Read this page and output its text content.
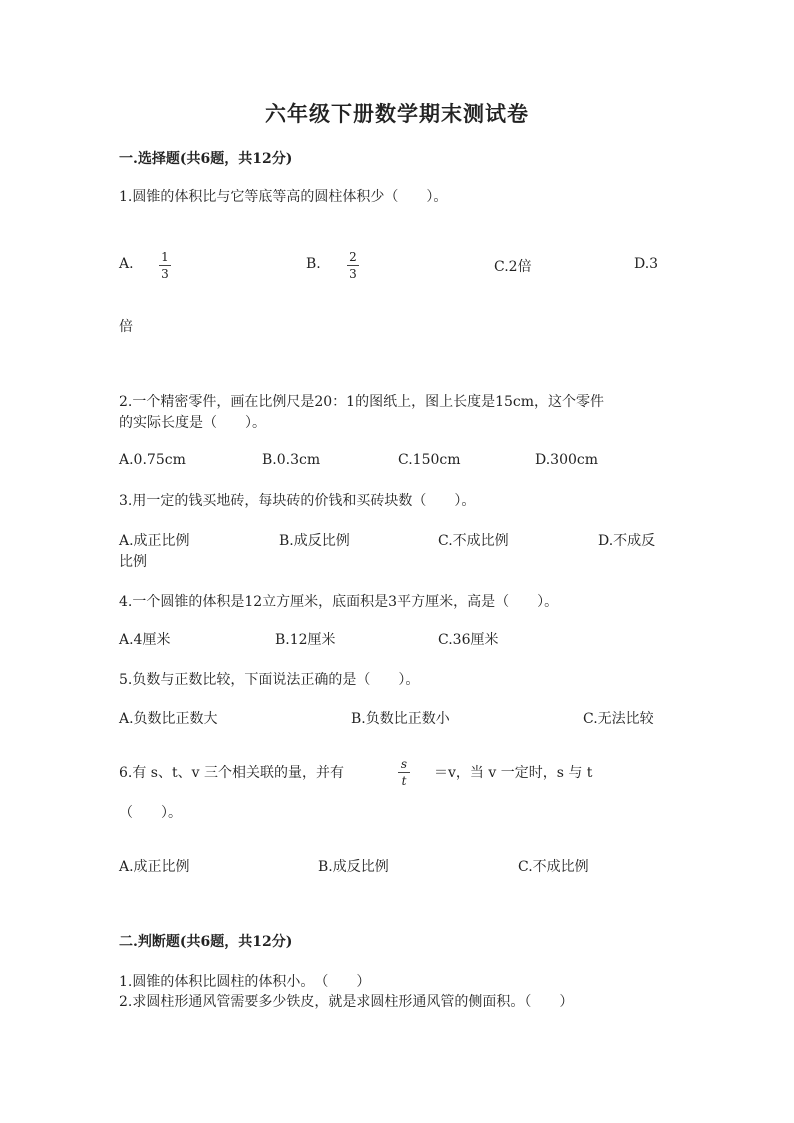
六年级下册数学期末测试卷
一.选择题(共6题，共12分)
1.圆锥的体积比与它等底等高的圆柱体积少（　　）。
A. 1
3
B. 2
3	C.2倍	D.3
倍
2.一个精密零件，画在比例尺是20：1的图纸上，图上长度是15cm，这个零件
的实际长度是（　　）。
A.0.75cm	B.0.3cm	C.150cm	D.300cm
3.用一定的钱买地砖，每块砖的价钱和买砖块数（　　）。
A.成正比例	B.成反比例	C.不成比例	D.不成反
比例
4.一个圆锥的体积是12立方厘米，底面积是3平方厘米，高是（　　）。
A.4厘米	B.12厘米	C.36厘米
5.负数与正数比较，下面说法正确的是（　　）。
A.负数比正数大	B.负数比正数小	C.无法比较
6.有 s、t、v 三个相关联的量，并有
s
t ＝v，当 v 一定时，s 与 t
（　　）。
A.成正比例	B.成反比例	C.不成比例
二.判断题(共6题，共12分)
1.圆锥的体积比圆柱的体积小。　（　　）
2.求圆柱形通风管需要多少铁皮，就是求圆柱形通风管的侧面积。（　　）
